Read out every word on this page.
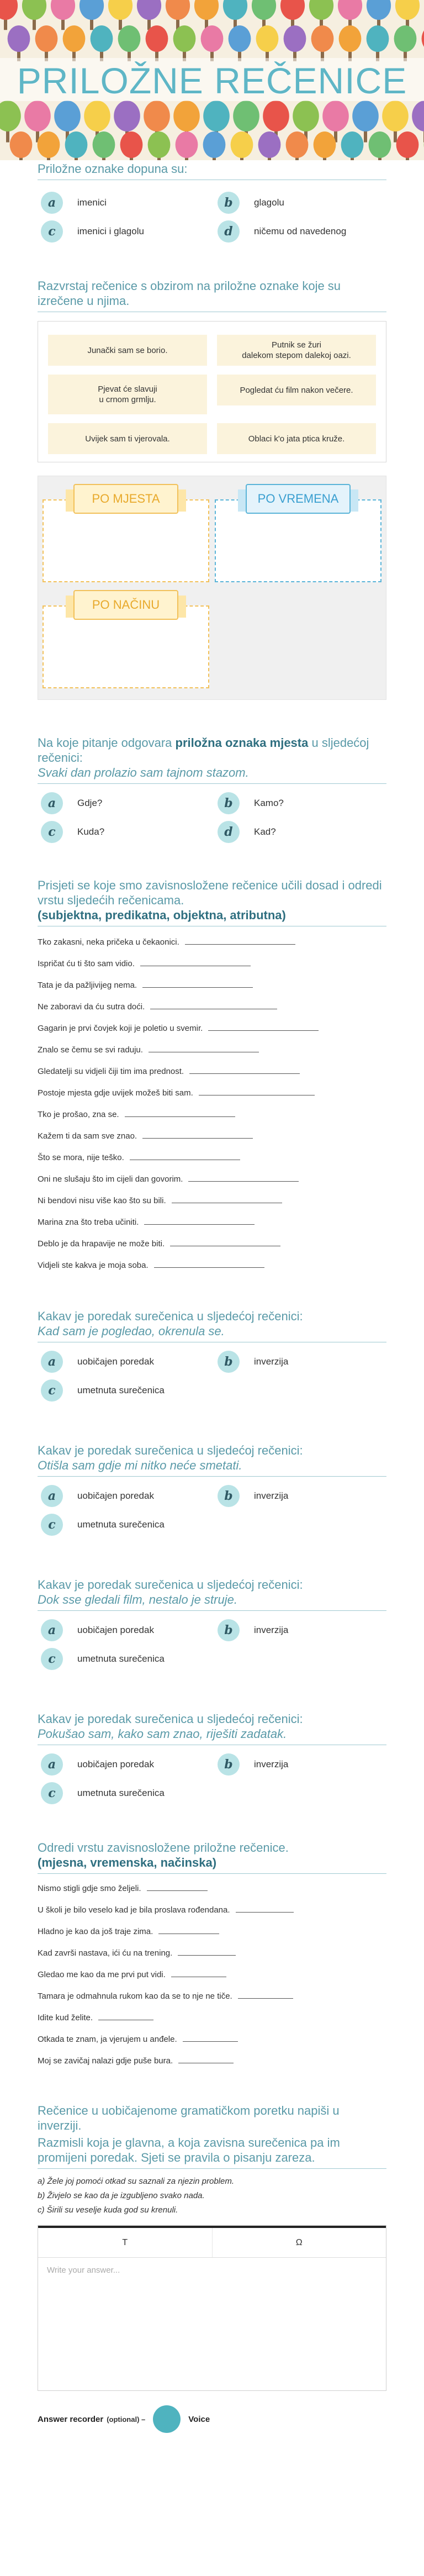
PRILOŽNE REČENICE
Priložne oznake dopuna su:
a	imenici	b	glagolu
c	imenici i glagolu	d	ničemu od navedenog
Razvrstaj rečenice s obzirom na priložne oznake koje su izrečene u njima.
Junački sam se borio.
Putnik se žuri
dalekom stepom dalekoj oazi.
Pjevat će slavuji
u crnom grmlju.
Pogledat ću film nakon večere.
Uvijek sam ti vjerovala.	Oblaci k'o jata ptica kruže.
PO MJESTA	PO VREMENA
PO NAČINU
Na koje pitanje odgovara priložna oznaka mjesta u sljedećoj rečenici:
Svaki dan prolazio sam tajnom stazom.
a	Gdje?	b	Kamo?
c	Kuda?	d	Kad?
Prisjeti se koje smo zavisnosložene rečenice učili dosad i odredi vrstu sljedećih rečenicama.
(subjektna, predikatna, objektna, atributna)
Tko zakasni, neka pričeka u čekaonici.
Ispričat ću ti što sam vidio.
Tata je da pažljivijeg nema.
Ne zaboravi da ću sutra doći.
Gagarin je prvi čovjek koji je poletio u svemir.
Znalo se čemu se svi raduju.
Gledatelji su vidjeli čiji tim ima prednost.
Postoje mjesta gdje uvijek možeš biti sam.
Tko je prošao, zna se.
Kažem ti da sam sve znao.
Što se mora, nije teško.
Oni ne slušaju što im cijeli dan govorim.
Ni bendovi nisu više kao što su bili.
Marina zna što treba učiniti.
Deblo je da hrapavije ne može biti.
Vidjeli ste kakva je moja soba.
Kakav je poredak surečenica u sljedećoj rečenici:
Kad sam je pogledao, okrenula se.
a	uobičajen poredak	b	inverzija
c	umetnuta surečenica
Kakav je poredak surečenica u sljedećoj rečenici:
Otišla sam gdje mi nitko neće smetati.
a	uobičajen poredak	b	inverzija
c	umetnuta surečenica
Kakav je poredak surečenica u sljedećoj rečenici:
Dok sse gledali film, nestalo je struje.
a	uobičajen poredak	b	inverzija
c	umetnuta surečenica
Kakav je poredak surečenica u sljedećoj rečenici:
Pokušao sam, kako sam znao, riješiti zadatak.
a	uobičajen poredak	b	inverzija
c	umetnuta surečenica
Odredi vrstu zavisnosložene priložne rečenice.
(mjesna, vremenska, načinska)
Nismo stigli gdje smo željeli.
U školi je bilo veselo kad je bila proslava rođendana.
Hladno je kao da još traje zima.
Kad završi nastava, ići ću na trening.
Gledao me kao da me prvi put vidi.
Tamara je odmahnula rukom kao da se to nje ne tiče.
Idite kud želite.
Otkada te znam, ja vjerujem u anđele.
Moj se zavičaj nalazi gdje puše bura.
Rečenice u uobičajenome gramatičkom poretku napiši u inverziji.
Razmisli koja je glavna, a koja zavisna surečenica pa im promijeni poredak. Sjeti se pravila o pisanju zareza.
a) Žele joj pomoći otkad su saznali za njezin problem.
b) Živjelo se kao da je izgubljeno svako nada.
c) Širili su veselje kuda god su krenuli.
T	Ω
Write your answer...
Answer recorder (optional) –	Voice
